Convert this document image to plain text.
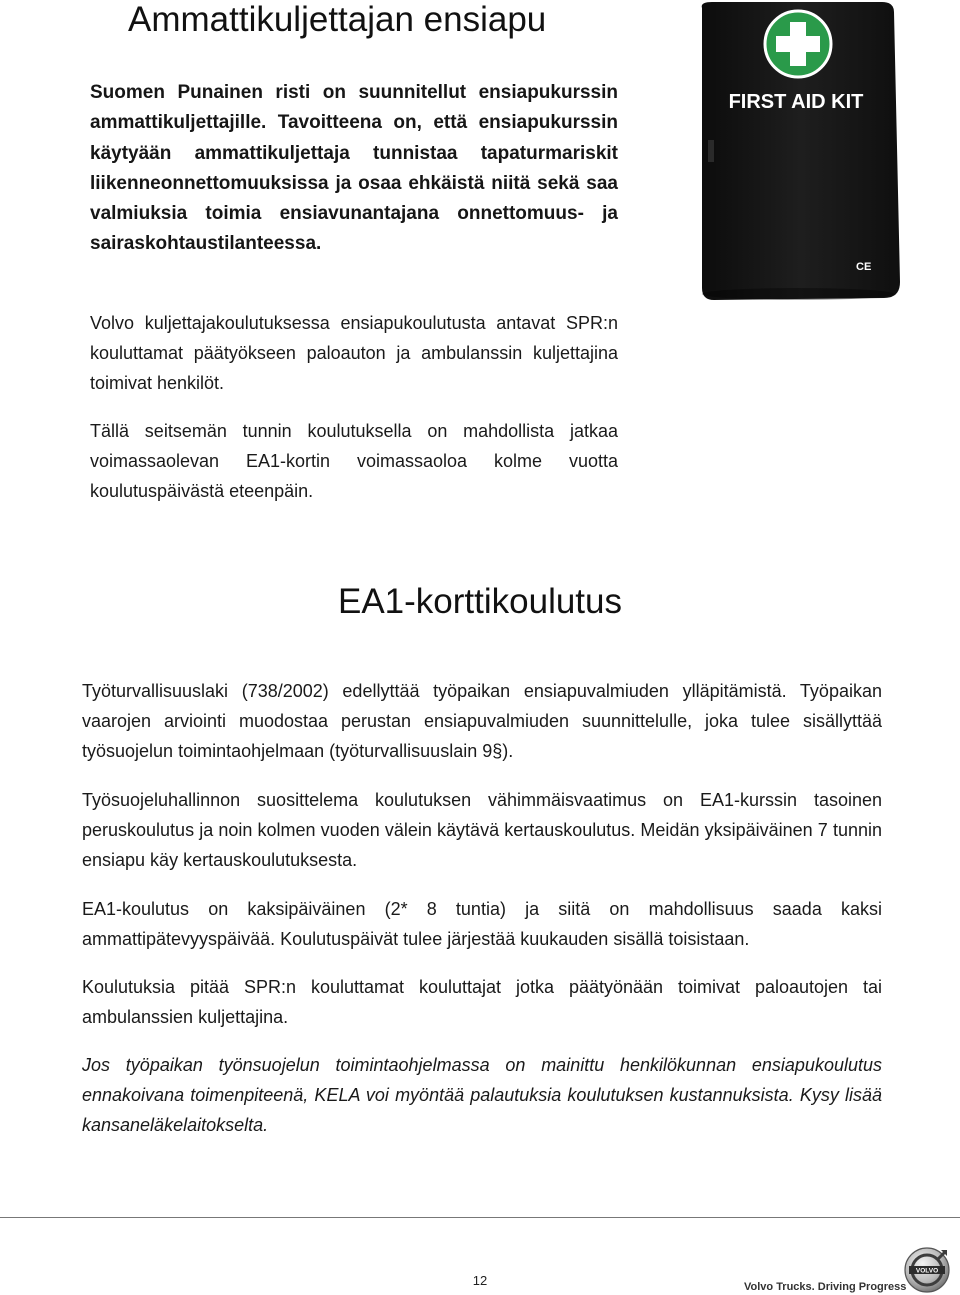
Ammattikuljettajan ensiapu

Suomen Punainen risti on suunnitellut ensiapukurssin ammattikuljettajille. Tavoitteena on, että ensiapukurssin käytyään ammattikuljettaja tunnistaa tapaturmariskit liikenneonnettomuuksissa ja osaa ehkäistä niitä sekä saa valmiuksia toimia ensiavunantajana onnettomuus- ja sairaskohtaustilanteessa.

Volvo kuljettajakoulutuksessa ensiapukoulutusta antavat SPR:n kouluttamat päätyökseen paloauton ja ambulanssin kuljettajina toimivat henkilöt.

Tällä seitsemän tunnin koulutuksella on mahdollista jatkaa voimassaolevan EA1-kortin voimassaoloa kolme vuotta koulutuspäivästä eteenpäin.

FIRST AID KIT
CE
EA1-korttikoulutus

Työturvallisuuslaki (738/2002) edellyttää työpaikan ensiapuvalmiuden ylläpitämistä. Työpaikan vaarojen arviointi muodostaa perustan ensiapuvalmiuden suunnittelulle, joka tulee sisällyttää työsuojelun toimintaohjelmaan (työturvallisuuslain 9§).

Työsuojeluhallinnon suosittelema koulutuksen vähimmäisvaatimus on EA1-kurssin tasoinen peruskoulutus ja noin kolmen vuoden välein käytävä kertauskoulutus. Meidän yksipäiväinen 7 tunnin ensiapu käy kertauskoulutuksesta.

EA1-koulutus on kaksipäiväinen (2* 8 tuntia) ja siitä on mahdollisuus saada kaksi ammattipätevyyspäivää. Koulutuspäivät tulee järjestää kuukauden sisällä toisistaan.

Koulutuksia pitää SPR:n kouluttamat kouluttajat jotka päätyönään toimivat paloautojen tai ambulanssien kuljettajina.

Jos työpaikan työnsuojelun toimintaohjelmassa on mainittu henkilökunnan ensiapukoulutus ennakoivana toimenpiteenä, KELA voi myöntää palautuksia koulutuksen kustannuksista. Kysy lisää kansaneläkelaitokselta.

12
VOLVO
Volvo Trucks. Driving Progress
